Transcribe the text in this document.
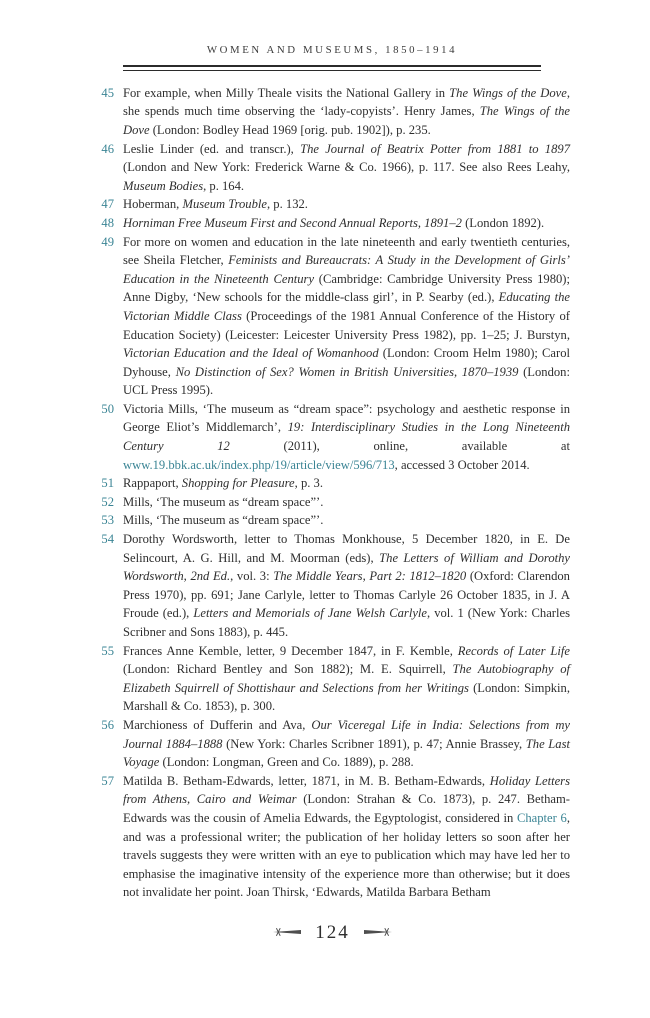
WOMEN AND MUSEUMS, 1850–1914
45 For example, when Milly Theale visits the National Gallery in The Wings of the Dove, she spends much time observing the ‘lady-copyists’. Henry James, The Wings of the Dove (London: Bodley Head 1969 [orig. pub. 1902]), p. 235.
46 Leslie Linder (ed. and transcr.), The Journal of Beatrix Potter from 1881 to 1897 (London and New York: Frederick Warne & Co. 1966), p. 117. See also Rees Leahy, Museum Bodies, p. 164.
47 Hoberman, Museum Trouble, p. 132.
48 Horniman Free Museum First and Second Annual Reports, 1891–2 (London 1892).
49 For more on women and education in the late nineteenth and early twentieth centuries, see Sheila Fletcher, Feminists and Bureaucrats: A Study in the Development of Girls’ Education in the Nineteenth Century (Cambridge: Cambridge University Press 1980); Anne Digby, ‘New schools for the middle-class girl’, in P. Searby (ed.), Educating the Victorian Middle Class (Proceedings of the 1981 Annual Conference of the History of Education Society) (Leicester: Leicester University Press 1982), pp. 1–25; J. Burstyn, Victorian Education and the Ideal of Womanhood (London: Croom Helm 1980); Carol Dyhouse, No Distinction of Sex? Women in British Universities, 1870–1939 (London: UCL Press 1995).
50 Victoria Mills, ‘The museum as “dream space”: psychology and aesthetic response in George Eliot’s Middlemarch’, 19: Interdisciplinary Studies in the Long Nineteenth Century 12 (2011), online, available at www.19.bbk.ac.uk/index.php/19/article/view/596/713, accessed 3 October 2014.
51 Rappaport, Shopping for Pleasure, p. 3.
52 Mills, ‘The museum as “dream space”’.
53 Mills, ‘The museum as “dream space”’.
54 Dorothy Wordsworth, letter to Thomas Monkhouse, 5 December 1820, in E. De Selincourt, A. G. Hill, and M. Moorman (eds), The Letters of William and Dorothy Wordsworth, 2nd Ed., vol. 3: The Middle Years, Part 2: 1812–1820 (Oxford: Clarendon Press 1970), pp. 691; Jane Carlyle, letter to Thomas Carlyle 26 October 1835, in J. A Froude (ed.), Letters and Memorials of Jane Welsh Carlyle, vol. 1 (New York: Charles Scribner and Sons 1883), p. 445.
55 Frances Anne Kemble, letter, 9 December 1847, in F. Kemble, Records of Later Life (London: Richard Bentley and Son 1882); M. E. Squirrell, The Autobiography of Elizabeth Squirrell of Shottishaur and Selections from her Writings (London: Simpkin, Marshall & Co. 1853), p. 300.
56 Marchioness of Dufferin and Ava, Our Viceregal Life in India: Selections from my Journal 1884–1888 (New York: Charles Scribner 1891), p. 47; Annie Brassey, The Last Voyage (London: Longman, Green and Co. 1889), p. 288.
57 Matilda B. Betham-Edwards, letter, 1871, in M. B. Betham-Edwards, Holiday Letters from Athens, Cairo and Weimar (London: Strahan & Co. 1873), p. 247. Betham-Edwards was the cousin of Amelia Edwards, the Egyptologist, considered in Chapter 6, and was a professional writer; the publication of her holiday letters so soon after her travels suggests they were written with an eye to publication which may have led her to emphasise the imaginative intensity of the experience more than otherwise; but it does not invalidate her point. Joan Thirsk, ‘Edwards, Matilda Barbara Betham
124
